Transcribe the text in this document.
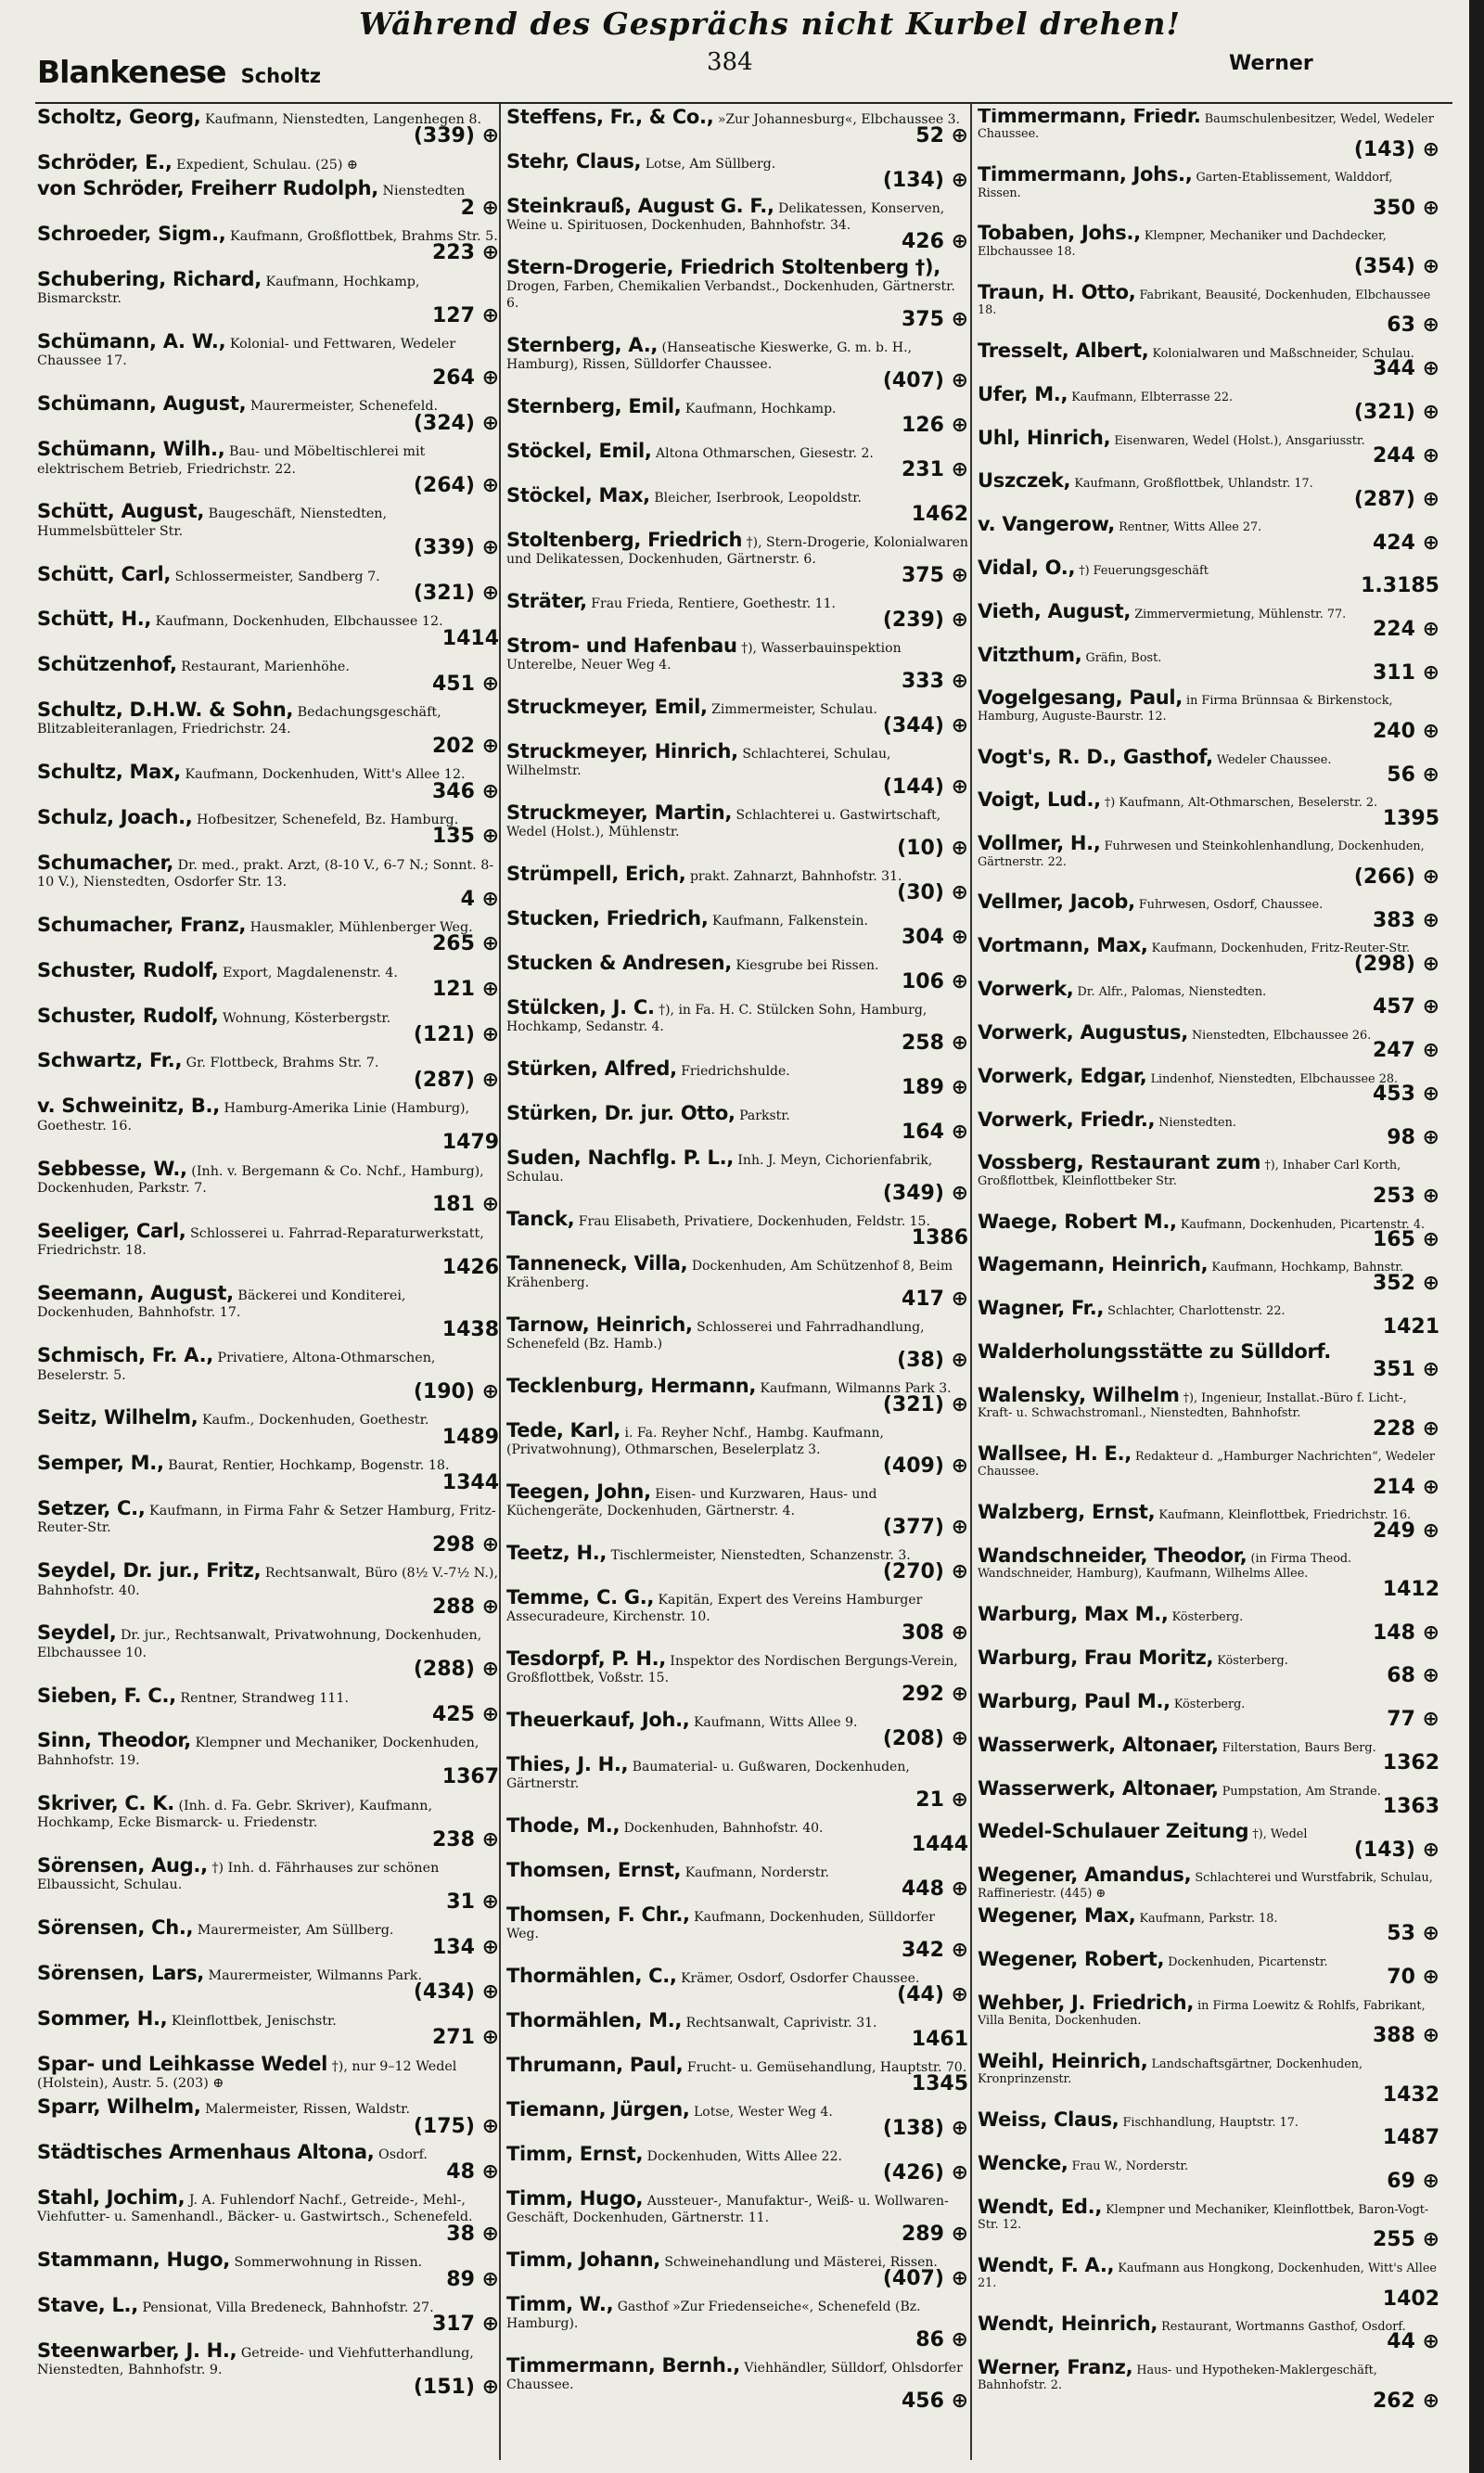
Während des Gesprächs nicht Kurbel drehen!
Blankenese Scholtz	384	Werner
Scholtz, Georg, Kaufmann, Nienstedten, Langenhegen 8.
(339) ⊕
Schröder, E., Expedient, Schulau. (25) ⊕
von Schröder, Freiherr Rudolph, Nienstedten
2 ⊕
Schroeder, Sigm., Kaufmann, Großflottbek, Brahms Str. 5.
223 ⊕
Schubering, Richard, Kaufmann, Hochkamp, Bismarckstr.
127 ⊕
Schümann, A. W., Kolonial- und Fettwaren, Wedeler Chaussee 17.
264 ⊕
Schümann, August, Maurermeister, Schenefeld.
(324) ⊕
Schümann, Wilh., Bau- und Möbeltischlerei mit elektrischem Betrieb, Friedrichstr. 22.
(264) ⊕
Schütt, August, Baugeschäft, Nienstedten, Hummelsbütteler Str.
(339) ⊕
Schütt, Carl, Schlossermeister, Sandberg 7.
(321) ⊕
Schütt, H., Kaufmann, Dockenhuden, Elbchaussee 12.
1414
Schützenhof, Restaurant, Marienhöhe.
451 ⊕
Schultz, D.H.W. & Sohn, Bedachungsgeschäft, Blitzableiteranlagen, Friedrichstr. 24.
202 ⊕
Schultz, Max, Kaufmann, Dockenhuden, Witt's Allee 12.
346 ⊕
Schulz, Joach., Hofbesitzer, Schenefeld, Bz. Hamburg.
135 ⊕
Schumacher, Dr. med., prakt. Arzt, (8-10 V., 6-7 N.; Sonnt. 8-10 V.), Nienstedten, Osdorfer Str. 13.
4 ⊕
Schumacher, Franz, Hausmakler, Mühlenberger Weg.
265 ⊕
Schuster, Rudolf, Export, Magdalenenstr. 4.
121 ⊕
Schuster, Rudolf, Wohnung, Kösterbergstr.
(121) ⊕
Schwartz, Fr., Gr. Flottbeck, Brahms Str. 7.
(287) ⊕
v. Schweinitz, B., Hamburg-Amerika Linie (Hamburg), Goethestr. 16.
1479
Sebbesse, W., (Inh. v. Bergemann & Co. Nchf., Hamburg), Dockenhuden, Parkstr. 7.
181 ⊕
Seeliger, Carl, Schlosserei u. Fahrrad-Reparaturwerkstatt, Friedrichstr. 18.
1426
Seemann, August, Bäckerei und Konditerei, Dockenhuden, Bahnhofstr. 17.
1438
Schmisch, Fr. A., Privatiere, Altona-Othmarschen, Beselerstr. 5.
(190) ⊕
Seitz, Wilhelm, Kaufm., Dockenhuden, Goethestr.
1489
Semper, M., Baurat, Rentier, Hochkamp, Bogenstr. 18.
1344
Setzer, C., Kaufmann, in Firma Fahr & Setzer Hamburg, Fritz-Reuter-Str.
298 ⊕
Seydel, Dr. jur., Fritz, Rechtsanwalt, Büro (8½ V.-7½ N.), Bahnhofstr. 40.
288 ⊕
Seydel, Dr. jur., Rechtsanwalt, Privatwohnung, Dockenhuden, Elbchaussee 10.
(288) ⊕
Sieben, F. C., Rentner, Strandweg 111.
425 ⊕
Sinn, Theodor, Klempner und Mechaniker, Dockenhuden, Bahnhofstr. 19.
1367
Skriver, C. K. (Inh. d. Fa. Gebr. Skriver), Kaufmann, Hochkamp, Ecke Bismarck- u. Friedenstr.
238 ⊕
Sörensen, Aug., †) Inh. d. Fährhauses zur schönen Elbaussicht, Schulau.
31 ⊕
Sörensen, Ch., Maurermeister, Am Süllberg.
134 ⊕
Sörensen, Lars, Maurermeister, Wilmanns Park.
(434) ⊕
Sommer, H., Kleinflottbek, Jenischstr.
271 ⊕
Spar- und Leihkasse Wedel †), nur 9–12 Wedel (Holstein), Austr. 5. (203) ⊕
Sparr, Wilhelm, Malermeister, Rissen, Waldstr.
(175) ⊕
Städtisches Armenhaus Altona, Osdorf.
48 ⊕
Stahl, Jochim, J. A. Fuhlendorf Nachf., Getreide-, Mehl-, Viehfutter- u. Samenhandl., Bäcker- u. Gastwirtsch., Schenefeld.
38 ⊕
Stammann, Hugo, Sommerwohnung in Rissen.
89 ⊕
Stave, L., Pensionat, Villa Bredeneck, Bahnhofstr. 27.
317 ⊕
Steenwarber, J. H., Getreide- und Viehfutterhandlung, Nienstedten, Bahnhofstr. 9.
(151) ⊕
Steffens, Fr., & Co., »Zur Johannesburg«, Elbchaussee 3.
52 ⊕
Stehr, Claus, Lotse, Am Süllberg.
(134) ⊕
Steinkrauß, August G. F., Delikatessen, Konserven, Weine u. Spirituosen, Dockenhuden, Bahnhofstr. 34.
426 ⊕
Stern-Drogerie, Friedrich Stoltenberg †), Drogen, Farben, Chemikalien Verbandst., Dockenhuden, Gärtnerstr. 6.
375 ⊕
Sternberg, A., (Hanseatische Kieswerke, G. m. b. H., Hamburg), Rissen, Sülldorfer Chaussee.
(407) ⊕
Sternberg, Emil, Kaufmann, Hochkamp.
126 ⊕
Stöckel, Emil, Altona Othmarschen, Giesestr. 2.
231 ⊕
Stöckel, Max, Bleicher, Iserbrook, Leopoldstr.
1462
Stoltenberg, Friedrich †), Stern-Drogerie, Kolonialwaren und Delikatessen, Dockenhuden, Gärtnerstr. 6.
375 ⊕
Sträter, Frau Frieda, Rentiere, Goethestr. 11.
(239) ⊕
Strom- und Hafenbau †), Wasserbauinspektion Unterelbe, Neuer Weg 4.
333 ⊕
Struckmeyer, Emil, Zimmermeister, Schulau.
(344) ⊕
Struckmeyer, Hinrich, Schlachterei, Schulau, Wilhelmstr.
(144) ⊕
Struckmeyer, Martin, Schlachterei u. Gastwirtschaft, Wedel (Holst.), Mühlenstr.
(10) ⊕
Strümpell, Erich, prakt. Zahnarzt, Bahnhofstr. 31.
(30) ⊕
Stucken, Friedrich, Kaufmann, Falkenstein.
304 ⊕
Stucken & Andresen, Kiesgrube bei Rissen.
106 ⊕
Stülcken, J. C. †), in Fa. H. C. Stülcken Sohn, Hamburg, Hochkamp, Sedanstr. 4.
258 ⊕
Stürken, Alfred, Friedrichshulde.
189 ⊕
Stürken, Dr. jur. Otto, Parkstr.
164 ⊕
Suden, Nachflg. P. L., Inh. J. Meyn, Cichorienfabrik, Schulau.
(349) ⊕
Tanck, Frau Elisabeth, Privatiere, Dockenhuden, Feldstr. 15.
1386
Tanneneck, Villa, Dockenhuden, Am Schützenhof 8, Beim Krähenberg.
417 ⊕
Tarnow, Heinrich, Schlosserei und Fahrradhandlung, Schenefeld (Bz. Hamb.)
(38) ⊕
Tecklenburg, Hermann, Kaufmann, Wilmanns Park 3.
(321) ⊕
Tede, Karl, i. Fa. Reyher Nchf., Hambg. Kaufmann, (Privatwohnung), Othmarschen, Beselerplatz 3.
(409) ⊕
Teegen, John, Eisen- und Kurzwaren, Haus- und Küchengeräte, Dockenhuden, Gärtnerstr. 4.
(377) ⊕
Teetz, H., Tischlermeister, Nienstedten, Schanzenstr. 3.
(270) ⊕
Temme, C. G., Kapitän, Expert des Vereins Hamburger Assecuradeure, Kirchenstr. 10.
308 ⊕
Tesdorpf, P. H., Inspektor des Nordischen Bergungs-Verein, Großflottbek, Voßstr. 15.
292 ⊕
Theuerkauf, Joh., Kaufmann, Witts Allee 9.
(208) ⊕
Thies, J. H., Baumaterial- u. Gußwaren, Dockenhuden, Gärtnerstr.
21 ⊕
Thode, M., Dockenhuden, Bahnhofstr. 40.
1444
Thomsen, Ernst, Kaufmann, Norderstr.
448 ⊕
Thomsen, F. Chr., Kaufmann, Dockenhuden, Sülldorfer Weg.
342 ⊕
Thormählen, C., Krämer, Osdorf, Osdorfer Chaussee.
(44) ⊕
Thormählen, M., Rechtsanwalt, Caprivistr. 31.
1461
Thrumann, Paul, Frucht- u. Gemüsehandlung, Hauptstr. 70.
1345
Tiemann, Jürgen, Lotse, Wester Weg 4.
(138) ⊕
Timm, Ernst, Dockenhuden, Witts Allee 22.
(426) ⊕
Timm, Hugo, Aussteuer-, Manufaktur-, Weiß- u. Wollwaren-Geschäft, Dockenhuden, Gärtnerstr. 11.
289 ⊕
Timm, Johann, Schweinehandlung und Mästerei, Rissen.
(407) ⊕
Timm, W., Gasthof »Zur Friedenseiche«, Schenefeld (Bz. Hamburg).
86 ⊕
Timmermann, Bernh., Viehhändler, Sülldorf, Ohlsdorfer Chaussee.
456 ⊕
Timmermann, Friedr. Baumschulenbesitzer, Wedel, Wedeler Chaussee.
(143) ⊕
Timmermann, Johs., Garten-Etablissement, Walddorf, Rissen.
350 ⊕
Tobaben, Johs., Klempner, Mechaniker und Dachdecker, Elbchaussee 18.
(354) ⊕
Traun, H. Otto, Fabrikant, Beausité, Dockenhuden, Elbchaussee 18.
63 ⊕
Tresselt, Albert, Kolonialwaren und Maßschneider, Schulau.
344 ⊕
Ufer, M., Kaufmann, Elbterrasse 22.
(321) ⊕
Uhl, Hinrich, Eisenwaren, Wedel (Holst.), Ansgariusstr.
244 ⊕
Uszczek, Kaufmann, Großflottbek, Uhlandstr. 17.
(287) ⊕
v. Vangerow, Rentner, Witts Allee 27.
424 ⊕
Vidal, O., †) Feuerungsgeschäft
1.3185
Vieth, August, Zimmervermietung, Mühlenstr. 77.
224 ⊕
Vitzthum, Gräfin, Bost.
311 ⊕
Vogelgesang, Paul, in Firma Brünnsaa & Birkenstock, Hamburg, Auguste-Baurstr. 12.
240 ⊕
Vogt's, R. D., Gasthof, Wedeler Chaussee.
56 ⊕
Voigt, Lud., †) Kaufmann, Alt-Othmarschen, Beselerstr. 2.
1395
Vollmer, H., Fuhrwesen und Steinkohlenhandlung, Dockenhuden, Gärtnerstr. 22.
(266) ⊕
Vellmer, Jacob, Fuhrwesen, Osdorf, Chaussee.
383 ⊕
Vortmann, Max, Kaufmann, Dockenhuden, Fritz-Reuter-Str.
(298) ⊕
Vorwerk, Dr. Alfr., Palomas, Nienstedten.
457 ⊕
Vorwerk, Augustus, Nienstedten, Elbchaussee 26.
247 ⊕
Vorwerk, Edgar, Lindenhof, Nienstedten, Elbchaussee 28.
453 ⊕
Vorwerk, Friedr., Nienstedten.
98 ⊕
Vossberg, Restaurant zum †), Inhaber Carl Korth, Großflottbek, Kleinflottbeker Str.
253 ⊕
Waege, Robert M., Kaufmann, Dockenhuden, Picartenstr. 4.
165 ⊕
Wagemann, Heinrich, Kaufmann, Hochkamp, Bahnstr.
352 ⊕
Wagner, Fr., Schlachter, Charlottenstr. 22.
1421
Walderholungsstätte zu Sülldorf.
351 ⊕
Walensky, Wilhelm †), Ingenieur, Installat.-Büro f. Licht-, Kraft- u. Schwachstromanl., Nienstedten, Bahnhofstr.
228 ⊕
Wallsee, H. E., Redakteur d. „Hamburger Nachrichten“, Wedeler Chaussee.
214 ⊕
Walzberg, Ernst, Kaufmann, Kleinflottbek, Friedrichstr. 16.
249 ⊕
Wandschneider, Theodor, (in Firma Theod. Wandschneider, Hamburg), Kaufmann, Wilhelms Allee.
1412
Warburg, Max M., Kösterberg.
148 ⊕
Warburg, Frau Moritz, Kösterberg.
68 ⊕
Warburg, Paul M., Kösterberg.
77 ⊕
Wasserwerk, Altonaer, Filterstation, Baurs Berg.
1362
Wasserwerk, Altonaer, Pumpstation, Am Strande.
1363
Wedel-Schulauer Zeitung †), Wedel
(143) ⊕
Wegener, Amandus, Schlachterei und Wurstfabrik, Schulau, Raffineriestr. (445) ⊕
Wegener, Max, Kaufmann, Parkstr. 18.
53 ⊕
Wegener, Robert, Dockenhuden, Picartenstr.
70 ⊕
Wehber, J. Friedrich, in Firma Loewitz & Rohlfs, Fabrikant, Villa Benita, Dockenhuden.
388 ⊕
Weihl, Heinrich, Landschaftsgärtner, Dockenhuden, Kronprinzenstr.
1432
Weiss, Claus, Fischhandlung, Hauptstr. 17.
1487
Wencke, Frau W., Norderstr.
69 ⊕
Wendt, Ed., Klempner und Mechaniker, Kleinflottbek, Baron-Vogt-Str. 12.
255 ⊕
Wendt, F. A., Kaufmann aus Hongkong, Dockenhuden, Witt's Allee 21.
1402
Wendt, Heinrich, Restaurant, Wortmanns Gasthof, Osdorf.
44 ⊕
Werner, Franz, Haus- und Hypotheken-Maklergeschäft, Bahnhofstr. 2.
262 ⊕
